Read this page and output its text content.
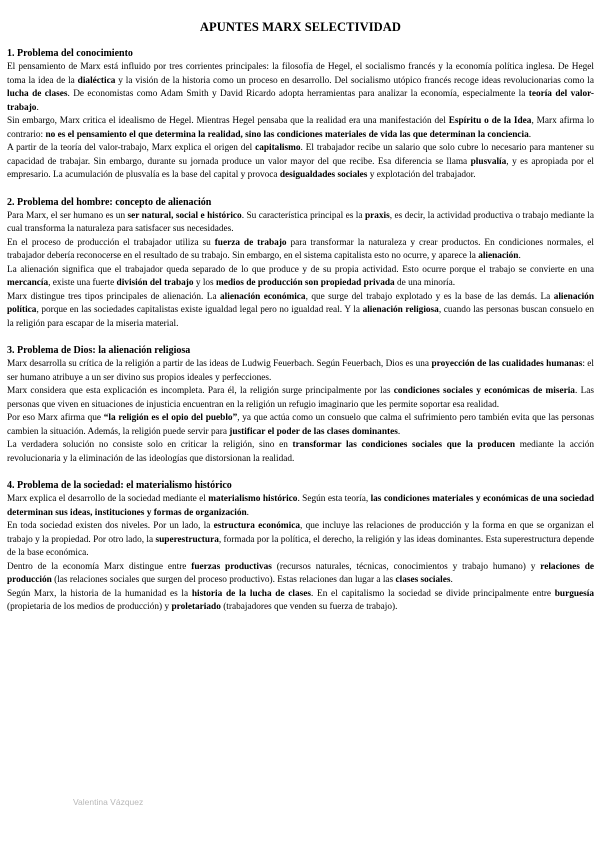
APUNTES MARX SELECTIVIDAD

1. Problema del conocimiento

El pensamiento de Marx está influido por tres corrientes principales: la filosofía de Hegel, el socialismo francés y la economía política inglesa. De Hegel toma la idea de la dialéctica y la visión de la historia como un proceso en desarrollo. Del socialismo utópico francés recoge ideas revolucionarias como la lucha de clases. De economistas como Adam Smith y David Ricardo adopta herramientas para analizar la economía, especialmente la teoría del valor-trabajo.

Sin embargo, Marx critica el idealismo de Hegel. Mientras Hegel pensaba que la realidad era una manifestación del Espíritu o de la Idea, Marx afirma lo contrario: no es el pensamiento el que determina la realidad, sino las condiciones materiales de vida las que determinan la conciencia.

A partir de la teoría del valor-trabajo, Marx explica el origen del capitalismo. El trabajador recibe un salario que solo cubre lo necesario para mantener su capacidad de trabajar. Sin embargo, durante su jornada produce un valor mayor del que recibe. Esa diferencia se llama plusvalía, y es apropiada por el empresario. La acumulación de plusvalía es la base del capital y provoca desigualdades sociales y explotación del trabajador.

2. Problema del hombre: concepto de alienación

Para Marx, el ser humano es un ser natural, social e histórico. Su característica principal es la praxis, es decir, la actividad productiva o trabajo mediante la cual transforma la naturaleza para satisfacer sus necesidades.

En el proceso de producción el trabajador utiliza su fuerza de trabajo para transformar la naturaleza y crear productos. En condiciones normales, el trabajador debería reconocerse en el resultado de su trabajo. Sin embargo, en el sistema capitalista esto no ocurre, y aparece la alienación.

La alienación significa que el trabajador queda separado de lo que produce y de su propia actividad. Esto ocurre porque el trabajo se convierte en una mercancía, existe una fuerte división del trabajo y los medios de producción son propiedad privada de una minoría.

Marx distingue tres tipos principales de alienación. La alienación económica, que surge del trabajo explotado y es la base de las demás. La alienación política, porque en las sociedades capitalistas existe igualdad legal pero no igualdad real. Y la alienación religiosa, cuando las personas buscan consuelo en la religión para escapar de la miseria material.

3. Problema de Dios: la alienación religiosa

Marx desarrolla su crítica de la religión a partir de las ideas de Ludwig Feuerbach. Según Feuerbach, Dios es una proyección de las cualidades humanas: el ser humano atribuye a un ser divino sus propios ideales y perfecciones.

Marx considera que esta explicación es incompleta. Para él, la religión surge principalmente por las condiciones sociales y económicas de miseria. Las personas que viven en situaciones de injusticia encuentran en la religión un refugio imaginario que les permite soportar esa realidad.

Por eso Marx afirma que “la religión es el opio del pueblo”, ya que actúa como un consuelo que calma el sufrimiento pero también evita que las personas cambien la situación. Además, la religión puede servir para justificar el poder de las clases dominantes.

La verdadera solución no consiste solo en criticar la religión, sino en transformar las condiciones sociales que la producen mediante la acción revolucionaria y la eliminación de las ideologías que distorsionan la realidad.

4. Problema de la sociedad: el materialismo histórico

Marx explica el desarrollo de la sociedad mediante el materialismo histórico. Según esta teoría, las condiciones materiales y económicas de una sociedad determinan sus ideas, instituciones y formas de organización.

En toda sociedad existen dos niveles. Por un lado, la estructura económica, que incluye las relaciones de producción y la forma en que se organizan el trabajo y la propiedad. Por otro lado, la superestructura, formada por la política, el derecho, la religión y las ideas dominantes. Esta superestructura depende de la base económica.

Dentro de la economía Marx distingue entre fuerzas productivas (recursos naturales, técnicas, conocimientos y trabajo humano) y relaciones de producción (las relaciones sociales que surgen del proceso productivo). Estas relaciones dan lugar a las clases sociales.

Según Marx, la historia de la humanidad es la historia de la lucha de clases. En el capitalismo la sociedad se divide principalmente entre burguesía (propietaria de los medios de producción) y proletariado (trabajadores que venden su fuerza de trabajo).

Valentina Vázquez
